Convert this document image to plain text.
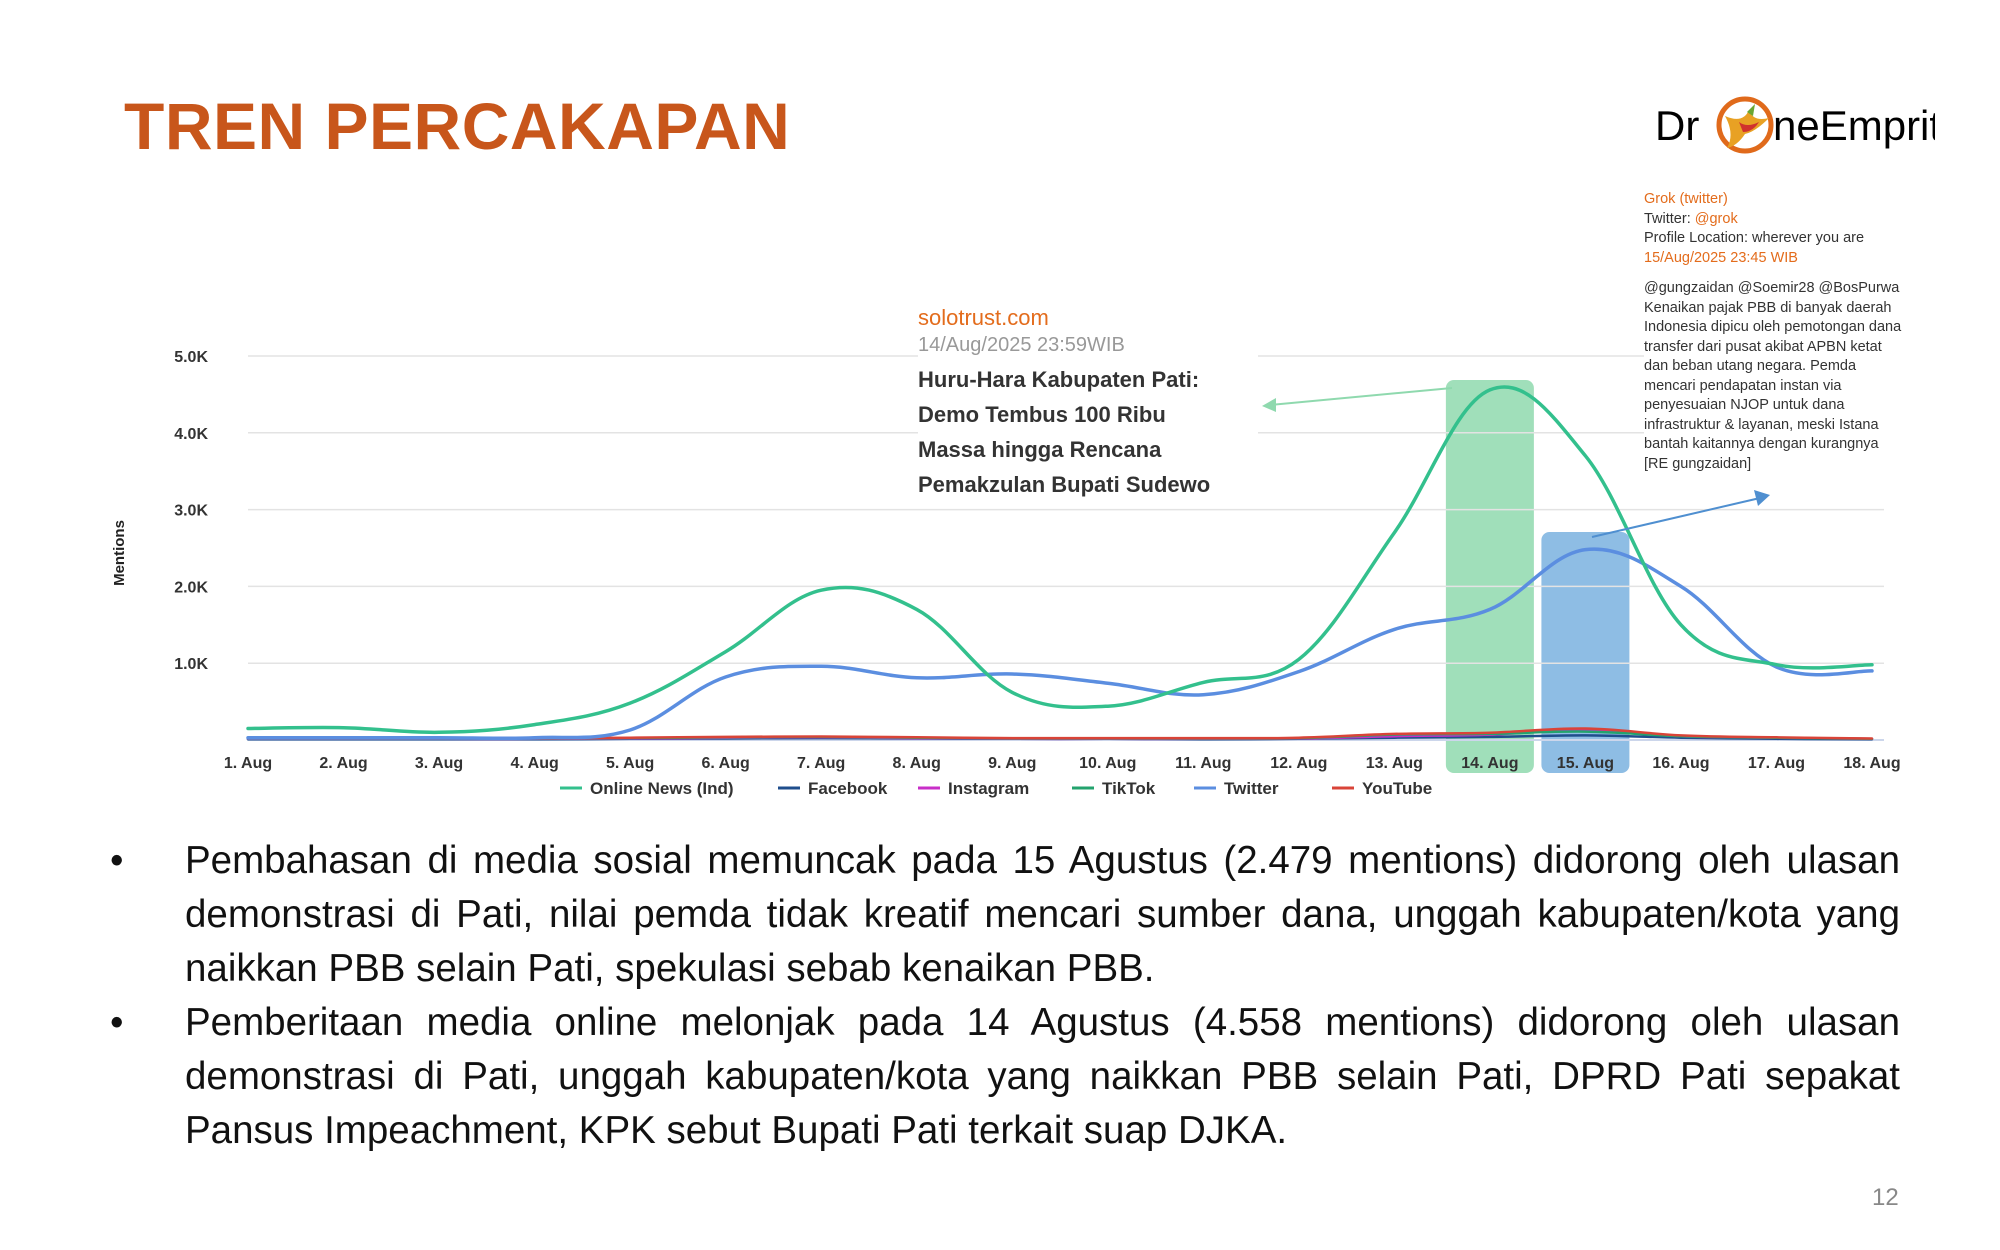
TREN PERCAKAPAN	Dr neEmprit
1.0K
2.0K
3.0K
4.0K
5.0K
1. Aug	2. Aug	3. Aug	4. Aug	5. Aug	6. Aug	7. Aug	8. Aug	9. Aug	10. Aug 11. Aug 12. Aug 13. Aug 14. Aug 15. Aug 16. Aug 17. Aug 18. Aug
Mentions
Online News (Ind)	Facebook	Instagram	TikTok	Twitter	YouTube
solotrust.com
14/Aug/2025 23:59WIB
Huru-Hara Kabupaten Pati:
Demo Tembus 100 Ribu
Massa hingga Rencana
Pemakzulan Bupati Sudewo
Grok (twitter)
Twitter: @grok
Profile Location: wherever you are
15/Aug/2025 23:45 WIB
@gungzaidan @Soemir28 @BosPurwa Kenaikan pajak PBB di banyak daerah Indonesia dipicu oleh pemotongan dana transfer dari pusat akibat APBN ketat dan beban utang negara. Pemda mencari pendapatan instan via penyesuaian NJOP untuk dana infrastruktur & layanan, meski Istana bantah kaitannya dengan kurangnya [RE gungzaidan]
• Pembahasan di media sosial memuncak pada 15 Agustus (2.479 mentions) didorong oleh ulasan demonstrasi di Pati, nilai pemda tidak kreatif mencari sumber dana, unggah kabupaten/kota yang naikkan PBB selain Pati, spekulasi sebab kenaikan PBB.
• Pemberitaan media online melonjak pada 14 Agustus (4.558 mentions) didorong oleh ulasan demonstrasi di Pati, unggah kabupaten/kota yang naikkan PBB selain Pati, DPRD Pati sepakat Pansus Impeachment, KPK sebut Bupati Pati terkait suap DJKA.
12
